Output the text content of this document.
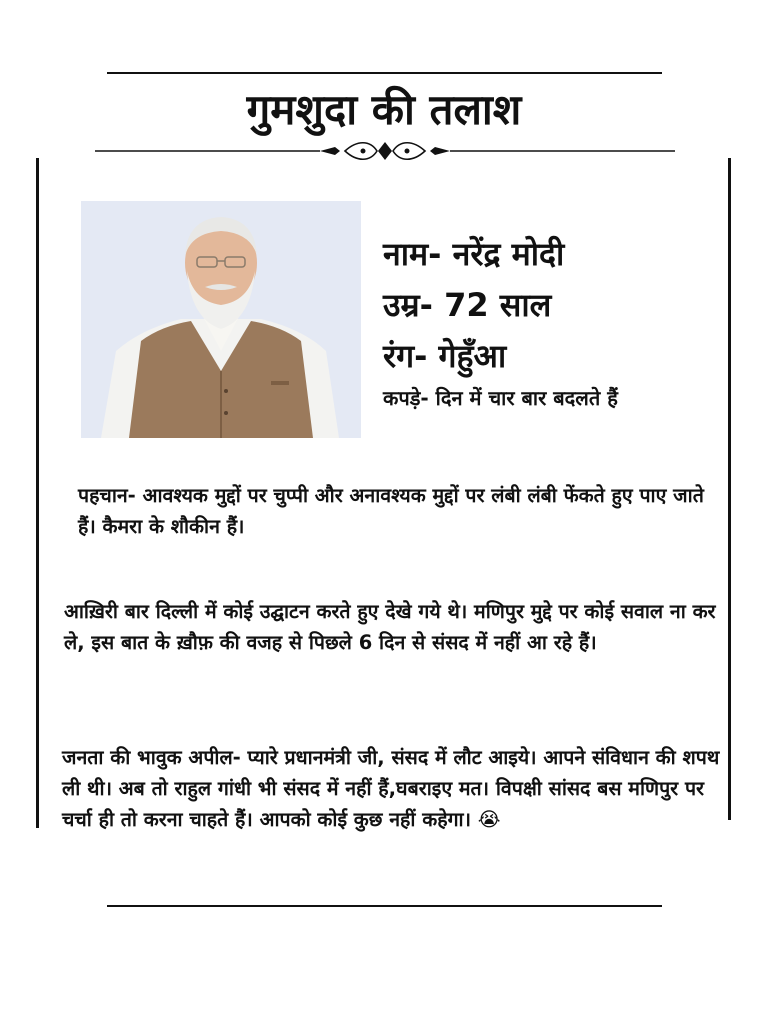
गुमशुदा की तलाश
नाम- नरेंद्र मोदी
उम्र- 72 साल
रंग- गेहुँआ
कपड़े- दिन में चार बार बदलते हैं

पहचान- आवश्यक मुद्दों पर चुप्पी और अनावश्यक मुद्दों पर लंबी लंबी फेंकते हुए पाए जाते हैं। कैमरा के शौकीन हैं।

आख़िरी बार दिल्ली में कोई उद्घाटन करते हुए देखे गये थे। मणिपुर मुद्दे पर कोई सवाल ना कर ले, इस बात के ख़ौफ़ की वजह से पिछले 6 दिन से संसद में नहीं आ रहे हैं।

जनता की भावुक अपील- प्यारे प्रधानमंत्री जी, संसद में लौट आइये। आपने संविधान की शपथ ली थी। अब तो राहुल गांधी भी संसद में नहीं हैं,घबराइए मत। विपक्षी सांसद बस मणिपुर पर चर्चा ही तो करना चाहते हैं। आपको कोई कुछ नहीं कहेगा। 😭
